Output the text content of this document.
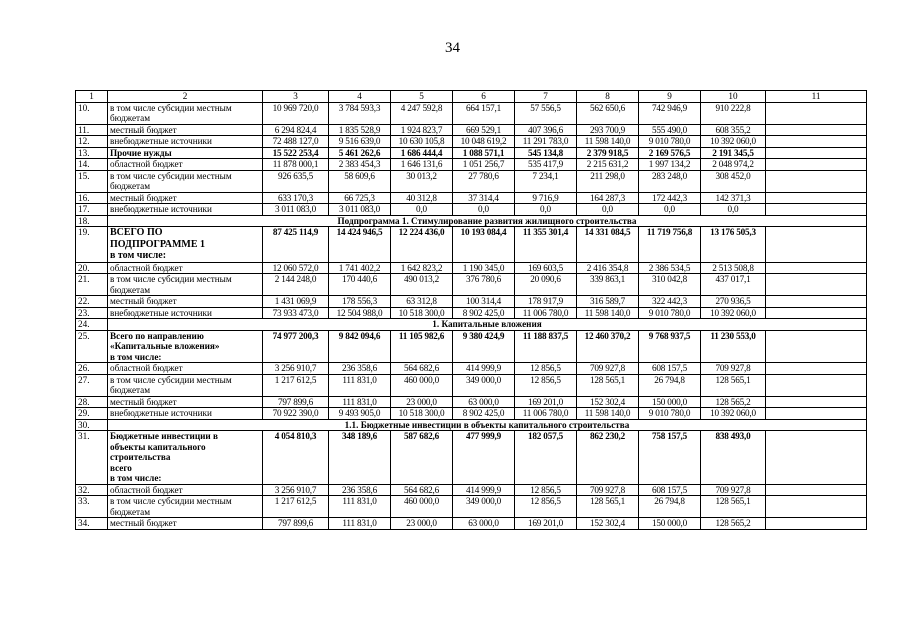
34
1	2	3	4	5	6	7	8	9	10	11
10.	в том числе субсидии местным
бюджетам	10 969 720,0	3 784 593,3	4 247 592,8	664 157,1	57 556,5	562 650,6	742 946,9	910 222,8	
11.	местный бюджет	6 294 824,4	1 835 528,9	1 924 823,7	669 529,1	407 396,6	293 700,9	555 490,0	608 355,2	
12.	внебюджетные источники	72 488 127,0	9 516 639,0	10 630 105,8	10 048 619,2	11 291 783,0	11 598 140,0	9 010 780,0	10 392 060,0	
13.	Прочие нужды	15 522 253,4	5 461 262,6	1 686 444,4	1 088 571,1	545 134,8	2 379 918,5	2 169 576,5	2 191 345,5	
14.	областной бюджет	11 878 000,1	2 383 454,3	1 646 131,6	1 051 256,7	535 417,9	2 215 631,2	1 997 134,2	2 048 974,2	
15.	в том числе субсидии местным
бюджетам	926 635,5	58 609,6	30 013,2	27 780,6	7 234,1	211 298,0	283 248,0	308 452,0	
16.	местный бюджет	633 170,3	66 725,3	40 312,8	37 314,4	9 716,9	164 287,3	172 442,3	142 371,3	
17.	внебюджетные источники	3 011 083,0	3 011 083,0	0,0	0,0	0,0	0,0	0,0	0,0	
18.	Подпрограмма 1. Стимулирование развития жилищного строительства									
19.	ВСЕГО ПО
ПОДПРОГРАММЕ 1
в том числе:	87 425 114,9	14 424 946,5	12 224 436,0	10 193 084,4	11 355 301,4	14 331 084,5	11 719 756,8	13 176 505,3	
20.	областной бюджет	12 060 572,0	1 741 402,2	1 642 823,2	1 190 345,0	169 603,5	2 416 354,8	2 386 534,5	2 513 508,8	
21.	в том числе субсидии местным
бюджетам	2 144 248,0	170 440,6	490 013,2	376 780,6	20 090,6	339 863,1	310 042,8	437 017,1	
22.	местный бюджет	1 431 069,9	178 556,3	63 312,8	100 314,4	178 917,9	316 589,7	322 442,3	270 936,5	
23.	внебюджетные источники	73 933 473,0	12 504 988,0	10 518 300,0	8 902 425,0	11 006 780,0	11 598 140,0	9 010 780,0	10 392 060,0	
24.	1. Капитальные вложения									
25.	Всего по направлению
«Капитальные вложения»
в том числе:	74 977 200,3	9 842 094,6	11 105 982,6	9 380 424,9	11 188 837,5	12 460 370,2	9 768 937,5	11 230 553,0	
26.	областной бюджет	3 256 910,7	236 358,6	564 682,6	414 999,9	12 856,5	709 927,8	608 157,5	709 927,8	
27.	в том числе субсидии местным
бюджетам	1 217 612,5	111 831,0	460 000,0	349 000,0	12 856,5	128 565,1	26 794,8	128 565,1	
28.	местный бюджет	797 899,6	111 831,0	23 000,0	63 000,0	169 201,0	152 302,4	150 000,0	128 565,2	
29.	внебюджетные источники	70 922 390,0	9 493 905,0	10 518 300,0	8 902 425,0	11 006 780,0	11 598 140,0	9 010 780,0	10 392 060,0	
30.	1.1. Бюджетные инвестиции в объекты капитального строительства									
31.	Бюджетные инвестиции в
объекты капитального
строительства
всего
в том числе:	4 054 810,3	348 189,6	587 682,6	477 999,9	182 057,5	862 230,2	758 157,5	838 493,0	
32.	областной бюджет	3 256 910,7	236 358,6	564 682,6	414 999,9	12 856,5	709 927,8	608 157,5	709 927,8	
33.	в том числе субсидии местным
бюджетам	1 217 612,5	111 831,0	460 000,0	349 000,0	12 856,5	128 565,1	26 794,8	128 565,1	
34.	местный бюджет	797 899,6	111 831,0	23 000,0	63 000,0	169 201,0	152 302,4	150 000,0	128 565,2	
